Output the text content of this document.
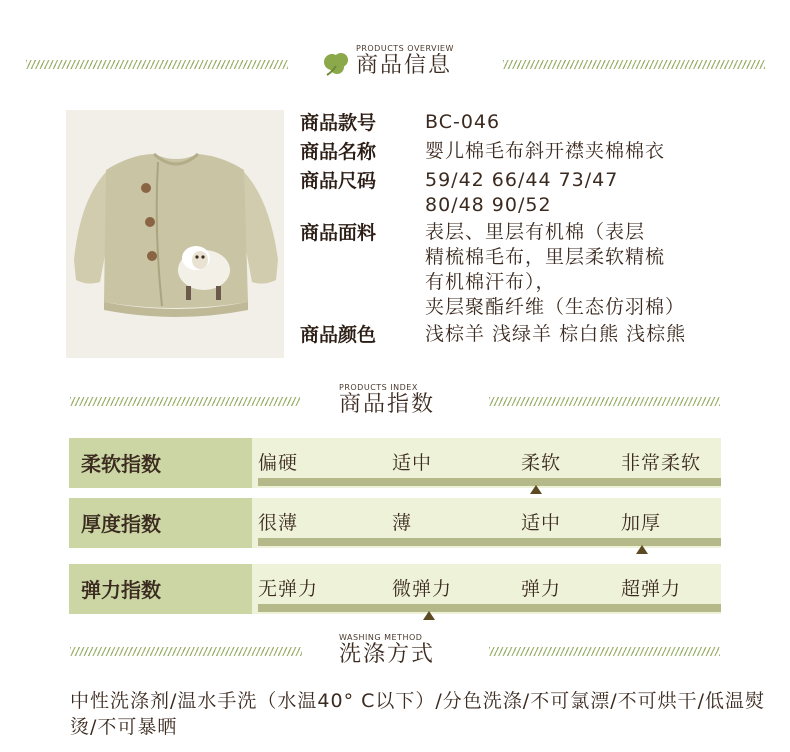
PRODUCTS OVERVIEW
商品信息
商品款号	BC-046
商品名称	婴儿棉毛布斜开襟夹棉棉衣
商品尺码	59/42 66/44 73/47
80/48 90/52
商品面料	表层、里层有机棉（表层
精梳棉毛布，里层柔软精梳
有机棉汗布），
夹层聚酯纤维（生态仿羽棉）
商品颜色	浅棕羊 浅绿羊 棕白熊 浅棕熊
PRODUCTS INDEX
商品指数
柔软指数	偏硬	适中	柔软	非常柔软
厚度指数	很薄	薄	适中	加厚
弹力指数	无弹力	微弹力	弹力	超弹力
WASHING METHOD
洗涤方式
中性洗涤剂/温水手洗（水温40° C以下）/分色洗涤/不可氯漂/不可烘干/低温熨烫/不可暴晒
